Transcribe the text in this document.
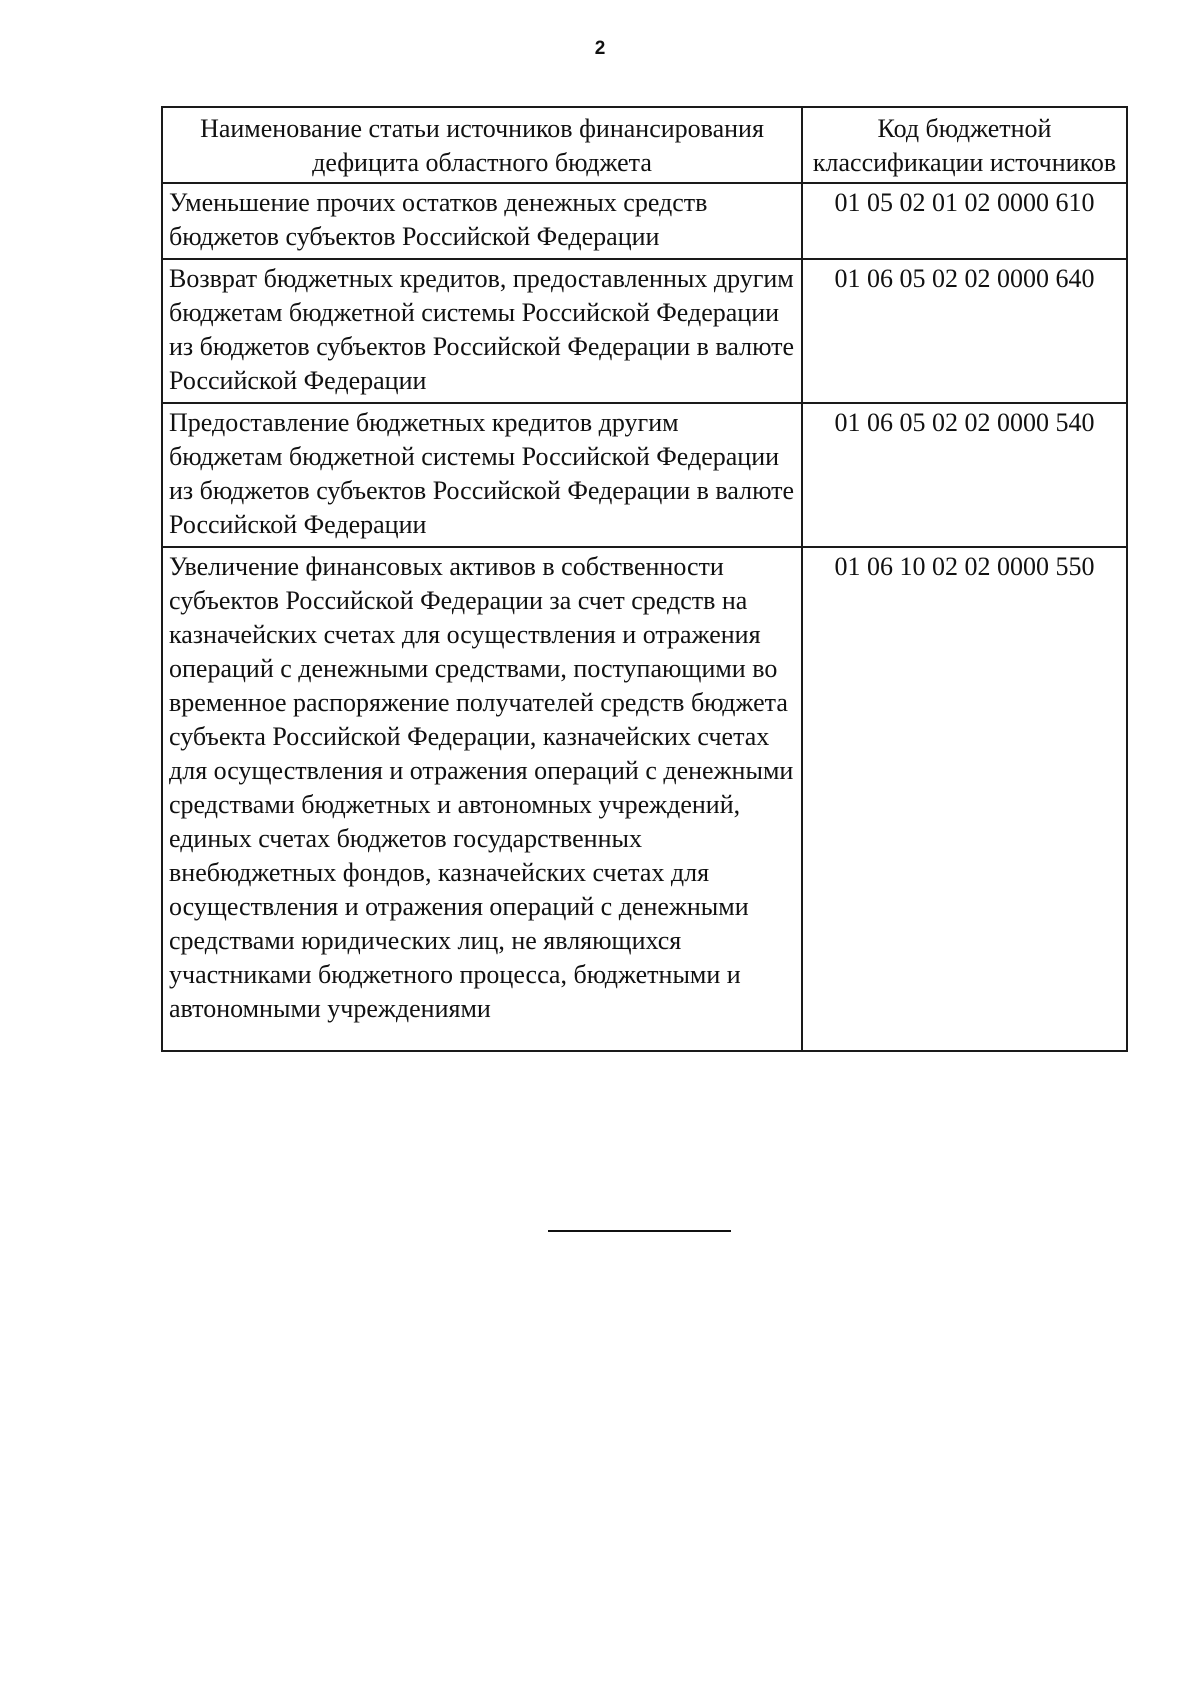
2
Наименование статьи источников финансирования дефицита областного бюджета	Код бюджетной классификации источников
Уменьшение прочих остатков денежных средств бюджетов субъектов Российской Федерации	01 05 02 01 02 0000 610
Возврат бюджетных кредитов, предоставленных другим бюджетам бюджетной системы Российской Федерации из бюджетов субъектов Российской Федерации в валюте Российской Федерации	01 06 05 02 02 0000 640
Предоставление бюджетных кредитов другим бюджетам бюджетной системы Российской Федерации из бюджетов субъектов Российской Федерации в валюте Российской Федерации	01 06 05 02 02 0000 540
Увеличение финансовых активов в собственности субъектов Российской Федерации за счет средств на казначейских счетах для осуществления и отражения операций с денежными средствами, поступающими во временное распоряжение получателей средств бюджета субъекта Российской Федерации, казначейских счетах для осуществления и отражения операций с денежными средствами бюджетных и автономных учреждений, единых счетах бюджетов государственных внебюджетных фондов, казначейских счетах для осуществления и отражения операций с денежными средствами юридических лиц, не являющихся участниками бюджетного процесса, бюджетными и автономными учреждениями	01 06 10 02 02 0000 550
